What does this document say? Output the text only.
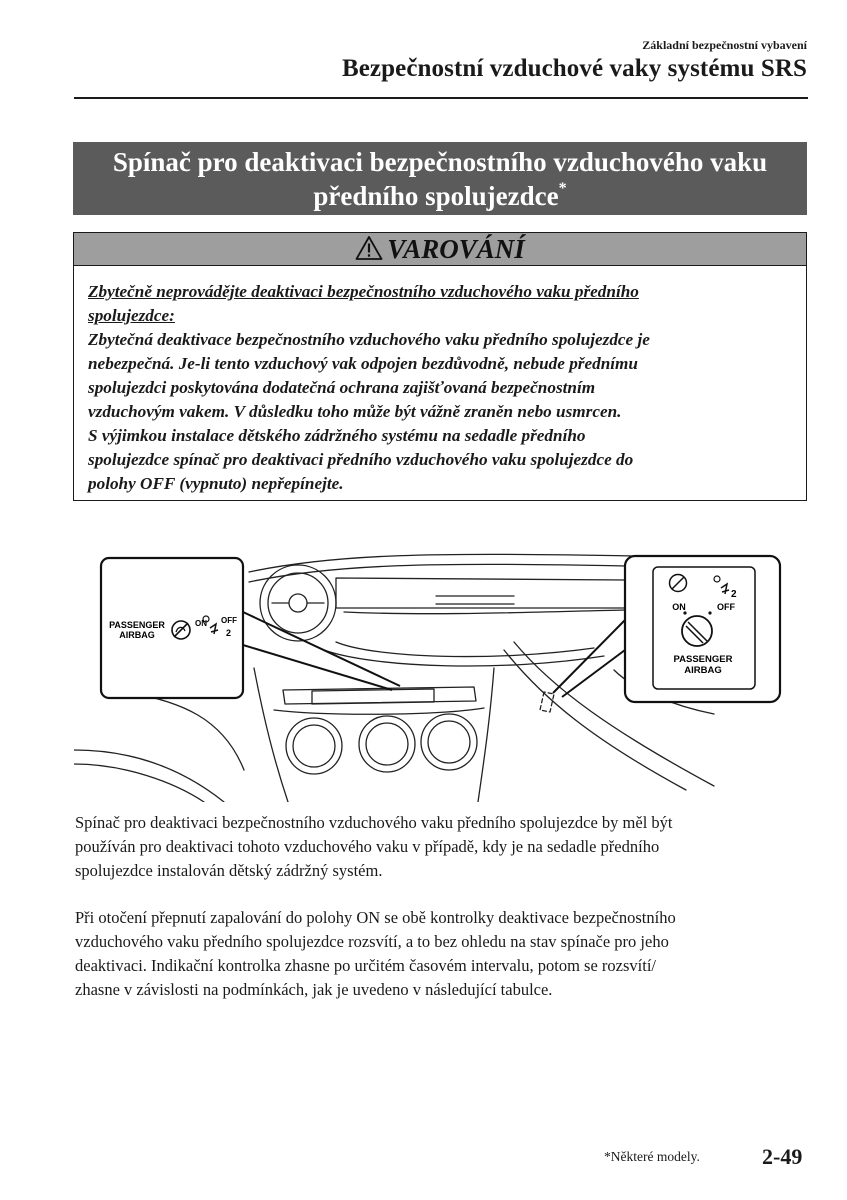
Základní bezpečnostní vybavení
Bezpečnostní vzduchové vaky systému SRS
Spínač pro deaktivaci bezpečnostního vzduchového vaku
předního spolujezdce*
VAROVÁNÍ
Zbytečně neprovádějte deaktivaci bezpečnostního vzduchového vaku předního
spolujezdce:
Zbytečná deaktivace bezpečnostního vzduchového vaku předního spolujezdce je
nebezpečná. Je-li tento vzduchový vak odpojen bezdůvodně, nebude přednímu
spolujezdci poskytována dodatečná ochrana zajišťovaná bezpečnostním
vzduchovým vakem. V důsledku toho může být vážně zraněn nebo usmrcen.
S výjimkou instalace dětského zádržného systému na sedadle předního
spolujezdce spínač pro deaktivaci předního vzduchového vaku spolujezdce do
polohy OFF (vypnuto) nepřepínejte.
PASSENGER
AIRBAG
ON OFF
2
ON	OFF
2
PASSENGER
AIRBAG
Spínač pro deaktivaci bezpečnostního vzduchového vaku předního spolujezdce by měl být
používán pro deaktivaci tohoto vzduchového vaku v případě, kdy je na sedadle předního
spolujezdce instalován dětský zádržný systém.
Při otočení přepnutí zapalování do polohy ON se obě kontrolky deaktivace bezpečnostního
vzduchového vaku předního spolujezdce rozsvítí, a to bez ohledu na stav spínače pro jeho
deaktivaci. Indikační kontrolka zhasne po určitém časovém intervalu, potom se rozsvítí/
zhasne v závislosti na podmínkách, jak je uvedeno v následující tabulce.
*Některé modely.	2-49
